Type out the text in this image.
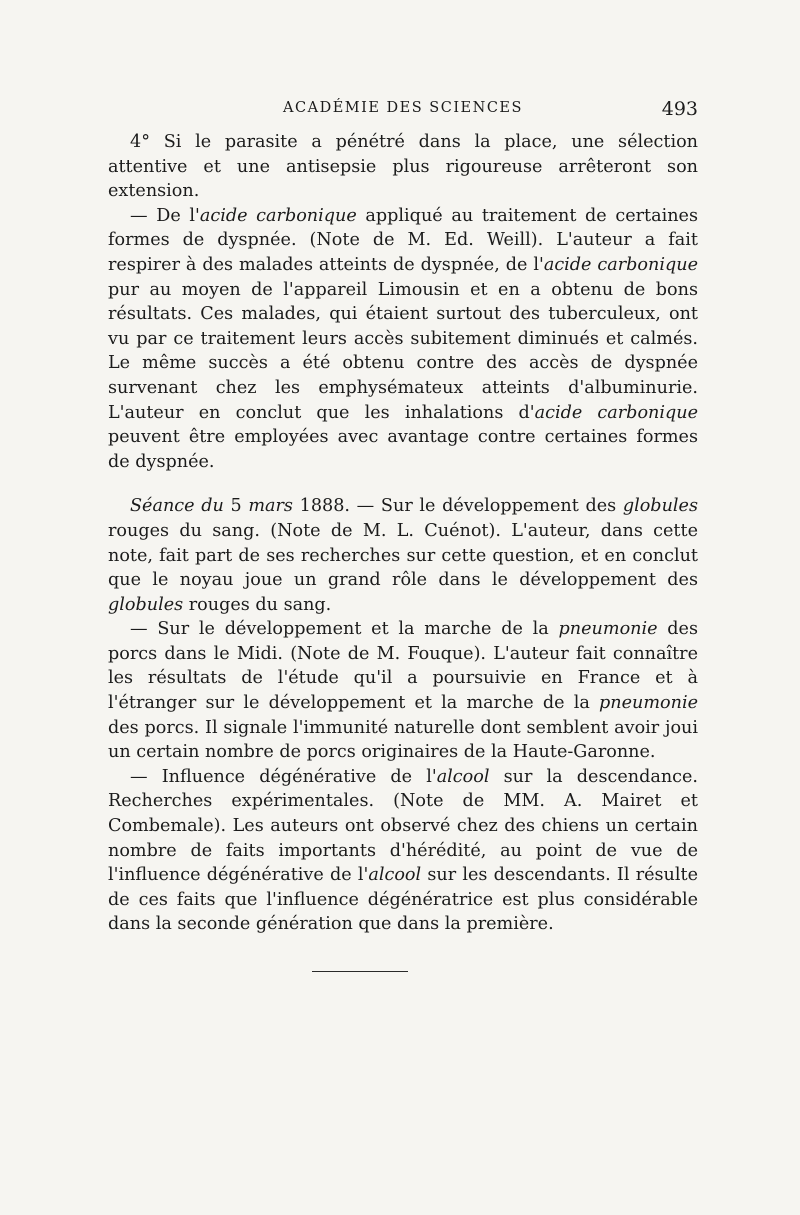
ACADÉMIE DES SCIENCES	493

4° Si le parasite a pénétré dans la place, une sélection attentive et une antisepsie plus rigoureuse arrêteront son extension.

— De l'acide carbonique appliqué au traitement de certaines formes de dyspnée. (Note de M. Ed. Weill). L'auteur a fait respirer à des malades atteints de dyspnée, de l'acide carbonique pur au moyen de l'appareil Limousin et en a obtenu de bons résultats. Ces malades, qui étaient surtout des tuberculeux, ont vu par ce traitement leurs accès subitement diminués et calmés. Le même succès a été obtenu contre des accès de dyspnée survenant chez les emphysémateux atteints d'albuminurie. L'auteur en conclut que les inhalations d'acide carbonique peuvent être employées avec avantage contre certaines formes de dyspnée.

Séance du 5 mars 1888. — Sur le développement des globules rouges du sang. (Note de M. L. Cuénot). L'auteur, dans cette note, fait part de ses recherches sur cette question, et en conclut que le noyau joue un grand rôle dans le développement des globules rouges du sang.

— Sur le développement et la marche de la pneumonie des porcs dans le Midi. (Note de M. Fouque). L'auteur fait connaître les résultats de l'étude qu'il a poursuivie en France et à l'étranger sur le développement et la marche de la pneumonie des porcs. Il signale l'immunité naturelle dont semblent avoir joui un certain nombre de porcs originaires de la Haute-Garonne.

— Influence dégénérative de l'alcool sur la descendance. Recherches expérimentales. (Note de MM. A. Mairet et Combemale). Les auteurs ont observé chez des chiens un certain nombre de faits importants d'hérédité, au point de vue de l'influence dégénérative de l'alcool sur les descendants. Il résulte de ces faits que l'influence dégénératrice est plus considérable dans la seconde génération que dans la première.
